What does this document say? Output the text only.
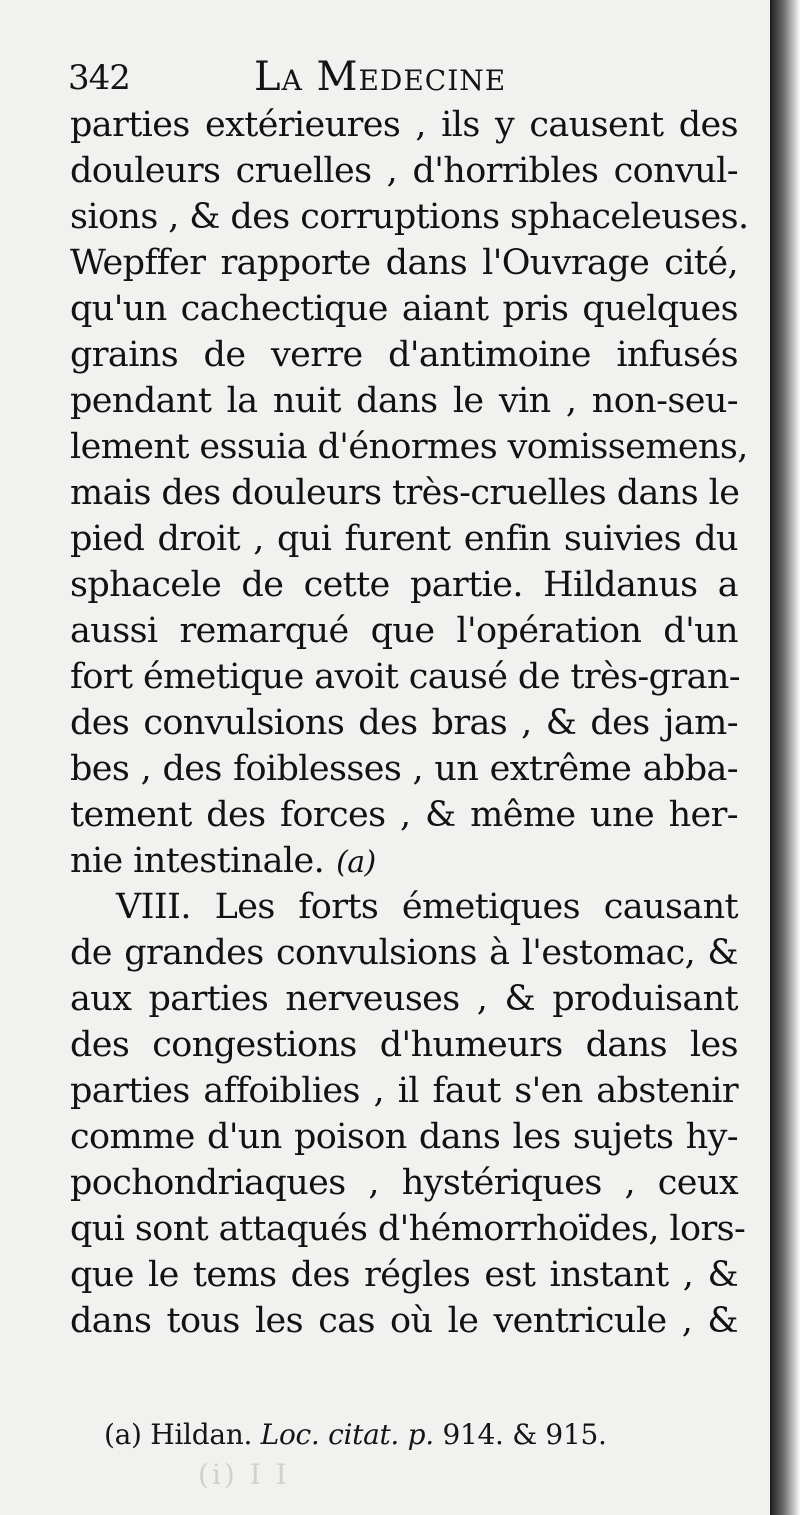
342	La Medecine
parties extérieures , ils y causent des
douleurs cruelles , d'horribles convul-
sions , & des corruptions sphaceleuses.
Wepffer rapporte dans l'Ouvrage cité,
qu'un cachectique aiant pris quelques
grains de verre d'antimoine infusés
pendant la nuit dans le vin , non-seu-
lement essuia d'énormes vomissemens,
mais des douleurs très-cruelles dans le
pied droit , qui furent enfin suivies du
sphacele de cette partie. Hildanus a
aussi remarqué que l'opération d'un
fort émetique avoit causé de très-gran-
des convulsions des bras , & des jam-
bes , des foiblesses , un extrême abba-
tement des forces , & même une her-
nie intestinale. (a)
VIII. Les forts émetiques causant
de grandes convulsions à l'estomac, &
aux parties nerveuses , & produisant
des congestions d'humeurs dans les
parties affoiblies , il faut s'en abstenir
comme d'un poison dans les sujets hy-
pochondriaques , hystériques , ceux
qui sont attaqués d'hémorrhoïdes, lors-
que le tems des régles est instant , &
dans tous les cas où le ventricule , &
(a) Hildan. Loc. citat. p. 914. & 915.
(i) I I
